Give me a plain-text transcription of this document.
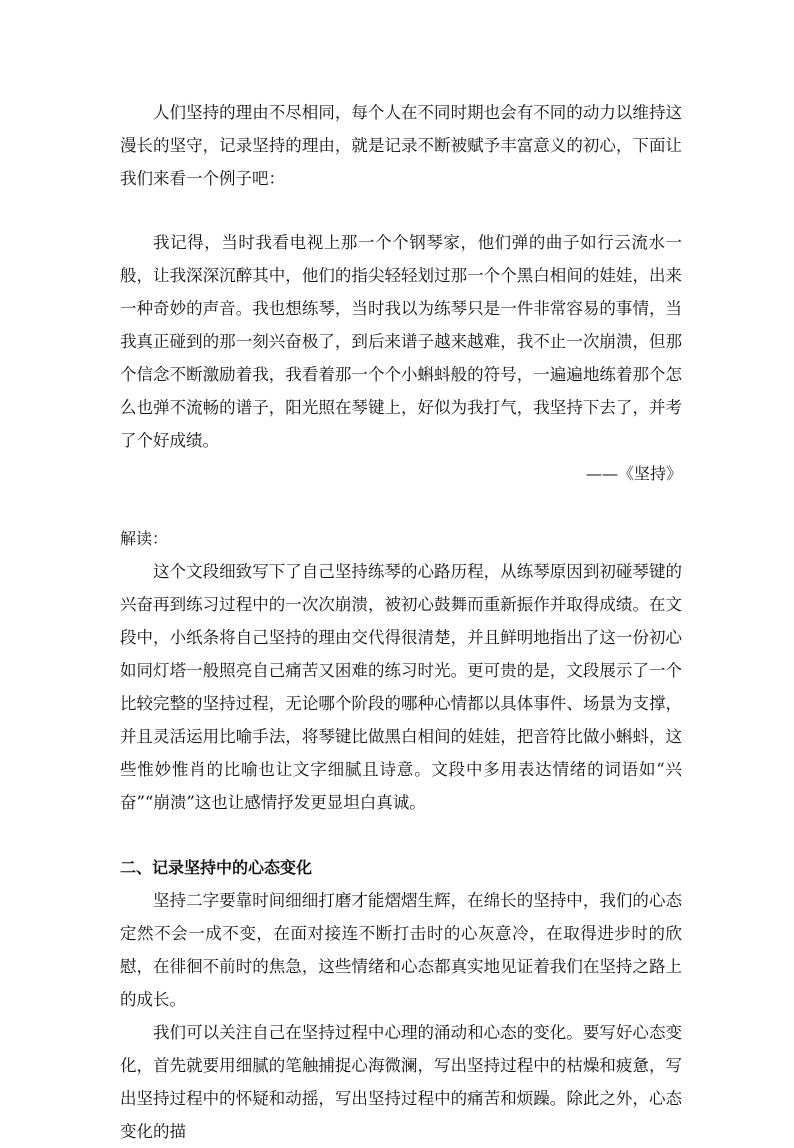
人们坚持的理由不尽相同，每个人在不同时期也会有不同的动力以维持这漫长的坚守，记录坚持的理由，就是记录不断被赋予丰富意义的初心，下面让我们来看一个例子吧：

我记得，当时我看电视上那一个个钢琴家，他们弹的曲子如行云流水一般，让我深深沉醉其中，他们的指尖轻轻划过那一个个黑白相间的娃娃，出来一种奇妙的声音。我也想练琴，当时我以为练琴只是一件非常容易的事情，当我真正碰到的那一刻兴奋极了，到后来谱子越来越难，我不止一次崩溃，但那个信念不断激励着我，我看着那一个个小蝌蚪般的符号，一遍遍地练着那个怎么也弹不流畅的谱子，阳光照在琴键上，好似为我打气，我坚持下去了，并考了个好成绩。

——《坚持》

解读：

这个文段细致写下了自己坚持练琴的心路历程，从练琴原因到初碰琴键的兴奋再到练习过程中的一次次崩溃，被初心鼓舞而重新振作并取得成绩。在文段中，小纸条将自己坚持的理由交代得很清楚，并且鲜明地指出了这一份初心如同灯塔一般照亮自己痛苦又困难的练习时光。更可贵的是，文段展示了一个比较完整的坚持过程，无论哪个阶段的哪种心情都以具体事件、场景为支撑，并且灵活运用比喻手法，将琴键比做黑白相间的娃娃，把音符比做小蝌蚪，这些惟妙惟肖的比喻也让文字细腻且诗意。文段中多用表达情绪的词语如“兴奋”“崩溃”这也让感情抒发更显坦白真诚。

二、记录坚持中的心态变化

坚持二字要靠时间细细打磨才能熠熠生辉，在绵长的坚持中，我们的心态定然不会一成不变，在面对接连不断打击时的心灰意冷，在取得进步时的欣慰，在徘徊不前时的焦急，这些情绪和心态都真实地见证着我们在坚持之路上的成长。

我们可以关注自己在坚持过程中心理的涌动和心态的变化。要写好心态变化，首先就要用细腻的笔触捕捉心海微澜，写出坚持过程中的枯燥和疲惫，写出坚持过程中的怀疑和动摇，写出坚持过程中的痛苦和烦躁。除此之外，心态变化的描
